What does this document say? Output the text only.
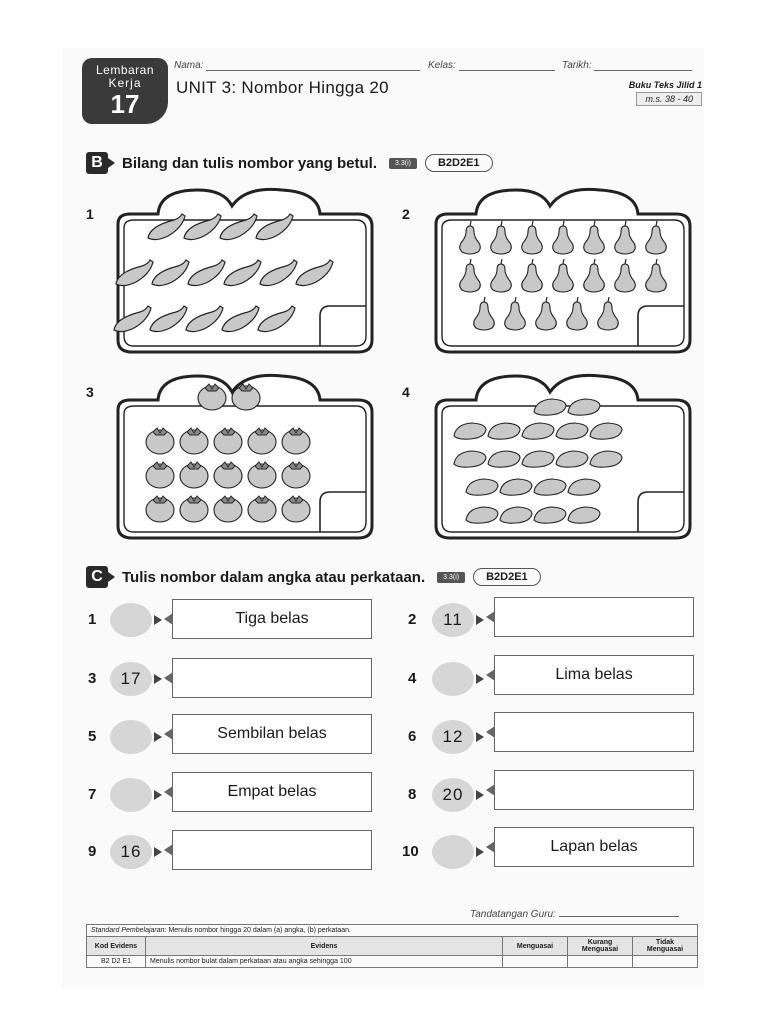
Lembaran
Kerja
17
Nama:	Kelas:	Tarikh:
UNIT 3: Nombor Hingga 20	Buku Teks Jilid 1
m.s. 38 - 40
B	Bilang dan tulis nombor yang betul.	3.3(i)	B2D2E1
1	2
3	4
C	Tulis nombor dalam angka atau perkataan.	3.3(i)	B2D2E1
1	Tiga belas
3	17
5	Sembilan belas
7	Empat belas
9	16
2	11
4	Lima belas
6	12
8	20
10	Lapan belas
Tandatangan Guru:
Standard Pembelajaran: Menulis nombor hingga 20 dalam (a) angka, (b) perkataan.				
Kod Evidens	Evidens	Menguasai	Kurang Menguasai	Tidak Menguasai
B2 D2 E1	Menulis nombor bulat dalam perkataan atau angka sehingga 100			
